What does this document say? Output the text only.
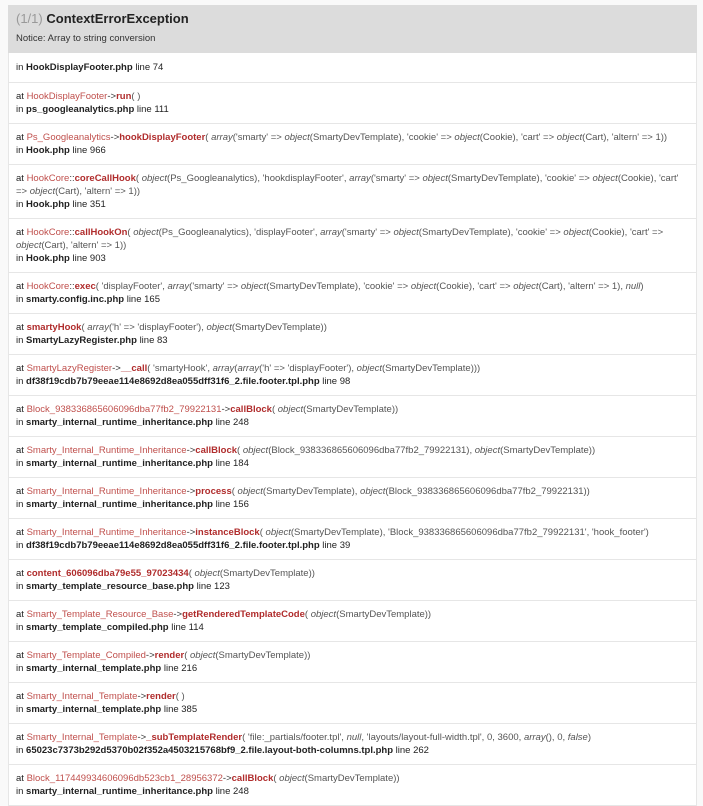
(1/1) ContextErrorException
Notice: Array to string conversion
in HookDisplayFooter.php line 74
at HookDisplayFooter->run( )
in ps_googleanalytics.php line 111
at Ps_Googleanalytics->hookDisplayFooter( array('smarty' => object(SmartyDevTemplate), 'cookie' => object(Cookie), 'cart' => object(Cart), 'altern' => 1))
in Hook.php line 966
at HookCore::coreCallHook( object(Ps_Googleanalytics), 'hookdisplayFooter', array('smarty' => object(SmartyDevTemplate), 'cookie' => object(Cookie), 'cart' => object(Cart), 'altern' => 1))
in Hook.php line 351
at HookCore::callHookOn( object(Ps_Googleanalytics), 'displayFooter', array('smarty' => object(SmartyDevTemplate), 'cookie' => object(Cookie), 'cart' => object(Cart), 'altern' => 1))
in Hook.php line 903
at HookCore::exec( 'displayFooter', array('smarty' => object(SmartyDevTemplate), 'cookie' => object(Cookie), 'cart' => object(Cart), 'altern' => 1), null)
in smarty.config.inc.php line 165
at smartyHook( array('h' => 'displayFooter'), object(SmartyDevTemplate))
in SmartyLazyRegister.php line 83
at SmartyLazyRegister->__call( 'smartyHook', array(array('h' => 'displayFooter'), object(SmartyDevTemplate)))
in df38f19cdb7b79eeae114e8692d8ea055dff31f6_2.file.footer.tpl.php line 98
at Block_938336865606096dba77fb2_79922131->callBlock( object(SmartyDevTemplate))
in smarty_internal_runtime_inheritance.php line 248
at Smarty_Internal_Runtime_Inheritance->callBlock( object(Block_938336865606096dba77fb2_79922131), object(SmartyDevTemplate))
in smarty_internal_runtime_inheritance.php line 184
at Smarty_Internal_Runtime_Inheritance->process( object(SmartyDevTemplate), object(Block_938336865606096dba77fb2_79922131))
in smarty_internal_runtime_inheritance.php line 156
at Smarty_Internal_Runtime_Inheritance->instanceBlock( object(SmartyDevTemplate), 'Block_938336865606096dba77fb2_79922131', 'hook_footer')
in df38f19cdb7b79eeae114e8692d8ea055dff31f6_2.file.footer.tpl.php line 39
at content_606096dba79e55_97023434( object(SmartyDevTemplate))
in smarty_template_resource_base.php line 123
at Smarty_Template_Resource_Base->getRenderedTemplateCode( object(SmartyDevTemplate))
in smarty_template_compiled.php line 114
at Smarty_Template_Compiled->render( object(SmartyDevTemplate))
in smarty_internal_template.php line 216
at Smarty_Internal_Template->render( )
in smarty_internal_template.php line 385
at Smarty_Internal_Template->_subTemplateRender( 'file:_partials/footer.tpl', null, 'layouts/layout-full-width.tpl', 0, 3600, array(), 0, false)
in 65023c7373b292d5370b02f352a4503215768bf9_2.file.layout-both-columns.tpl.php line 262
at Block_117449934606096db523cb1_28956372->callBlock( object(SmartyDevTemplate))
in smarty_internal_runtime_inheritance.php line 248
